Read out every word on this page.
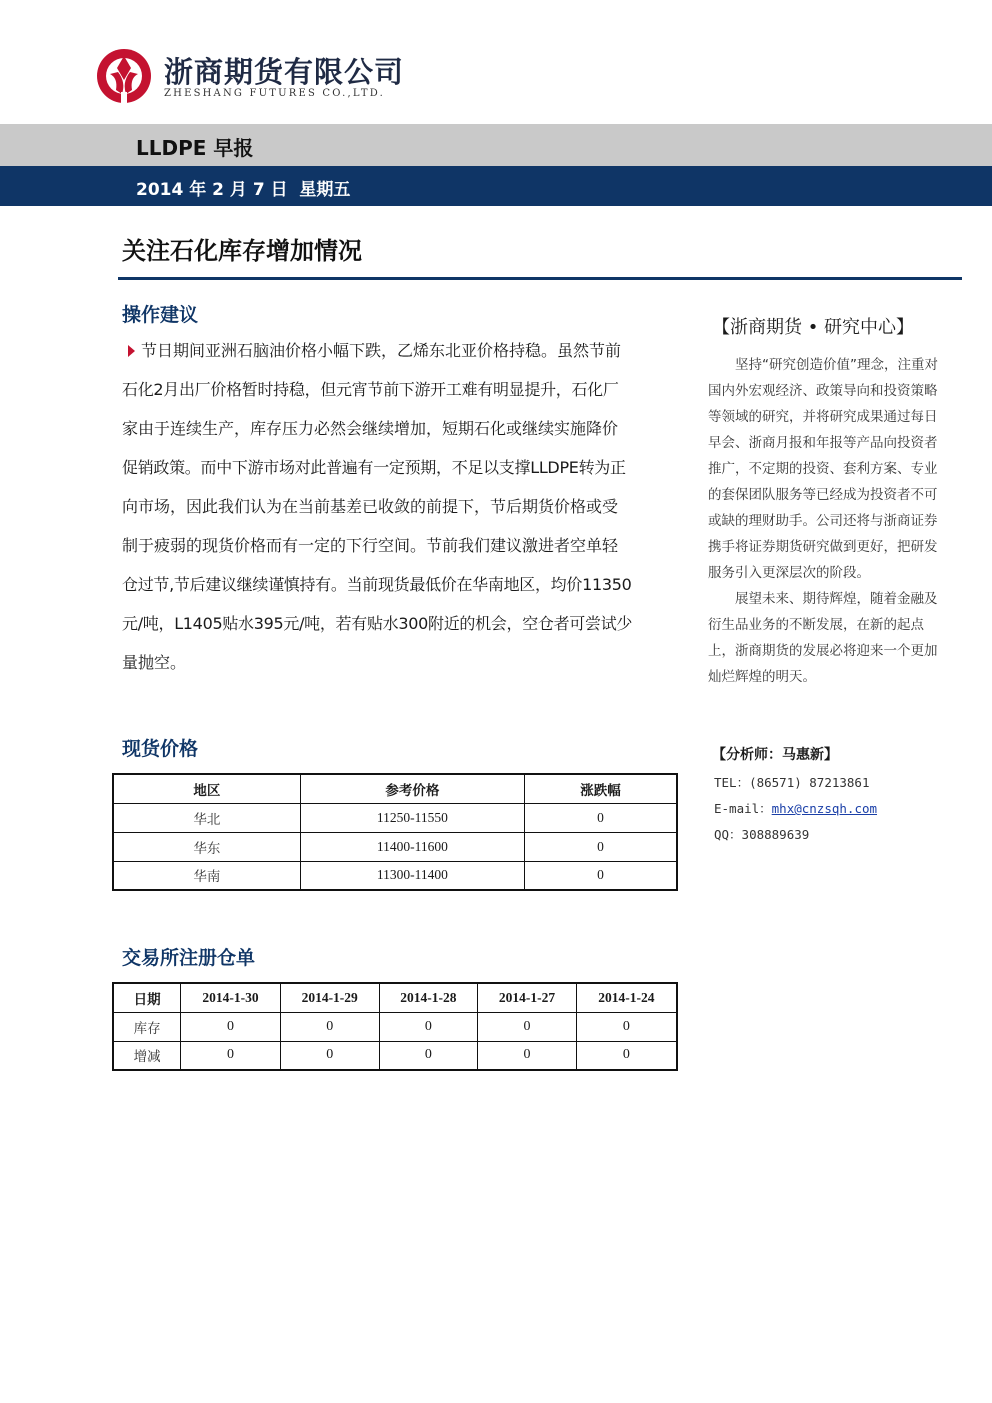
浙商期货有限公司
ZHESHANG FUTURES CO.,LTD.
LLDPE 早报
2014 年 2 月 7 日  星期五
关注石化库存增加情况
操作建议
节日期间亚洲石脑油价格小幅下跌，乙烯东北亚价格持稳。虽然节前
石化2月出厂价格暂时持稳，但元宵节前下游开工难有明显提升，石化厂
家由于连续生产，库存压力必然会继续增加，短期石化或继续实施降价
促销政策。而中下游市场对此普遍有一定预期，不足以支撑LLDPE转为正
向市场，因此我们认为在当前基差已收敛的前提下，节后期货价格或受
制于疲弱的现货价格而有一定的下行空间。节前我们建议激进者空单轻
仓过节,节后建议继续谨慎持有。当前现货最低价在华南地区，均价11350
元/吨，L1405贴水395元/吨，若有贴水300附近的机会，空仓者可尝试少
量抛空。
现货价格
地区	参考价格	涨跌幅
华北	11250-11550	0
华东	11400-11600	0
华南	11300-11400	0
交易所注册仓单
日期	2014-1-30	2014-1-29	2014-1-28	2014-1-27	2014-1-24
库存	0	0	0	0	0
增减	0	0	0	0	0
【浙商期货 • 研究中心】

坚持“研究创造价值”理念，注重对国内外宏观经济、政策导向和投资策略等领域的研究，并将研究成果通过每日早会、浙商月报和年报等产品向投资者推广，不定期的投资、套利方案、专业的套保团队服务等已经成为投资者不可或缺的理财助手。公司还将与浙商证券携手将证券期货研究做到更好，把研发服务引入更深层次的阶段。

展望未来、期待辉煌，随着金融及衍生品业务的不断发展，在新的起点上，浙商期货的发展必将迎来一个更加灿烂辉煌的明天。

【分析师：马惠新】
TEL：(86571) 87213861
E-mail：mhx@cnzsqh.com
QQ：308889639
